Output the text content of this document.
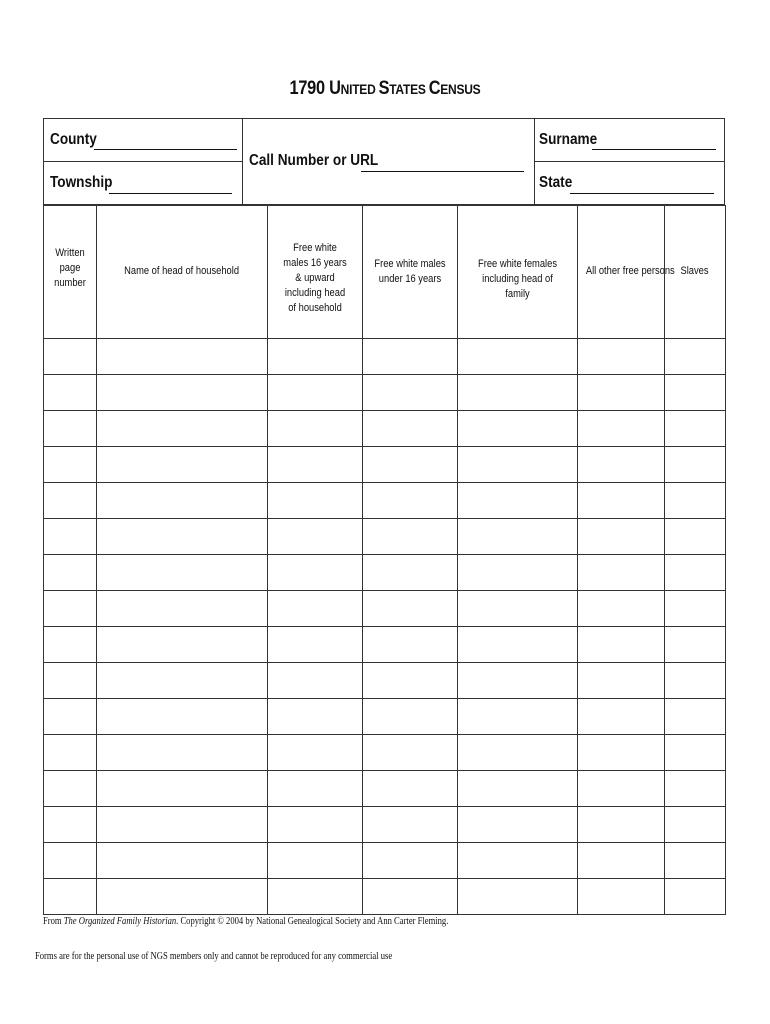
1790 UNITED STATES CENSUS
County
Township
Call Number or URL
Surname
State
Written page number	Name of head of household	Free white males 16 years & upward including head of household	Free white males under 16 years	Free white females including head of family	All other free persons	Slaves

From The Organized Family Historian. Copyright © 2004 by National Genealogical Society and Ann Carter Fleming.
Forms are for the personal use of NGS members only and cannot be reproduced for any commercial use
